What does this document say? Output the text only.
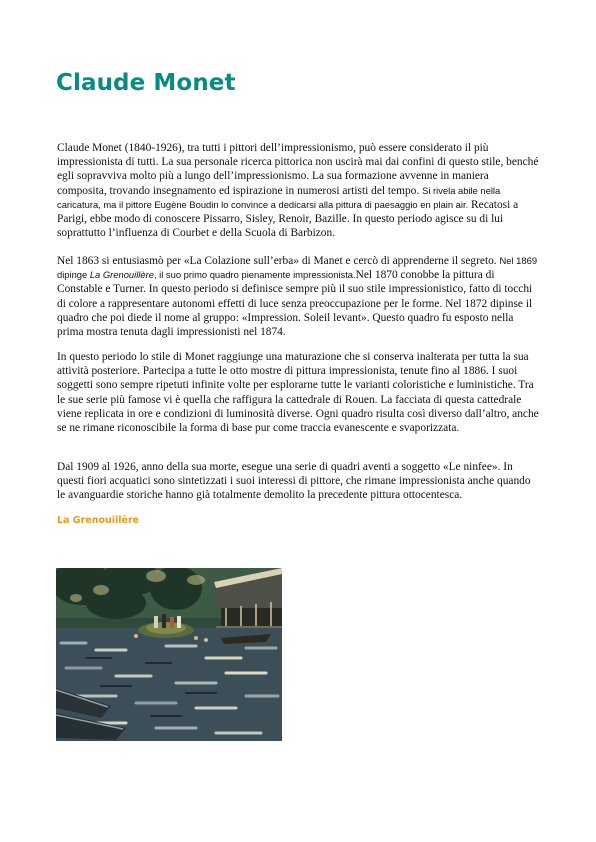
Claude Monet

Claude Monet (1840-1926), tra tutti i pittori dell’impressionismo, può essere considerato il più impressionista di tutti. La sua personale ricerca pittorica non uscirà mai dai confini di questo stile, benché egli sopravviva molto più a lungo dell’impressionismo. La sua formazione avvenne in maniera composita, trovando insegnamento ed ispirazione in numerosi artisti del tempo. Si rivela abile nella caricatura, ma il pittore Eugène Boudin lo convince a dedicarsi alla pittura di paesaggio en plain air. Recatosi a Parigi, ebbe modo di conoscere Pissarro, Sisley, Renoir, Bazille. In questo periodo agisce su di lui soprattutto l’influenza di Courbet e della Scuola di Barbizon.

Nel 1863 si entusiasmò per «La Colazione sull’erba» di Manet e cercò di apprenderne il segreto. Nel 1869 dipinge La Grenouillère, il suo primo quadro pienamente impressionista.Nel 1870 conobbe la pittura di Constable e Turner. In questo periodo si definisce sempre più il suo stile impressionistico, fatto di tocchi di colore a rappresentare autonomi effetti di luce senza preoccupazione per le forme. Nel 1872 dipinse il quadro che poi diede il nome al gruppo: «Impression. Soleil levant». Questo quadro fu esposto nella prima mostra tenuta dagli impressionisti nel 1874.

In questo periodo lo stile di Monet raggiunge una maturazione che si conserva inalterata per tutta la sua attività posteriore. Partecipa a tutte le otto mostre di pittura impressionista, tenute fino al 1886. I suoi soggetti sono sempre ripetuti infinite volte per esplorarne tutte le varianti coloristiche e luministiche. Tra le sue serie più famose vi è quella che raffigura la cattedrale di Rouen. La facciata di questa cattedrale viene replicata in ore e condizioni di luminosità diverse. Ogni quadro risulta così diverso dall’altro, anche se ne rimane riconoscibile la forma di base pur come traccia evanescente e svaporizzata.

Dal 1909 al 1926, anno della sua morte, esegue una serie di quadri aventi a soggetto «Le ninfee». In questi fiori acquatici sono sintetizzati i suoi interessi di pittore, che rimane impressionista anche quando le avanguardie storiche hanno già totalmente demolito la precedente pittura ottocentesca.

La Grenouillère
